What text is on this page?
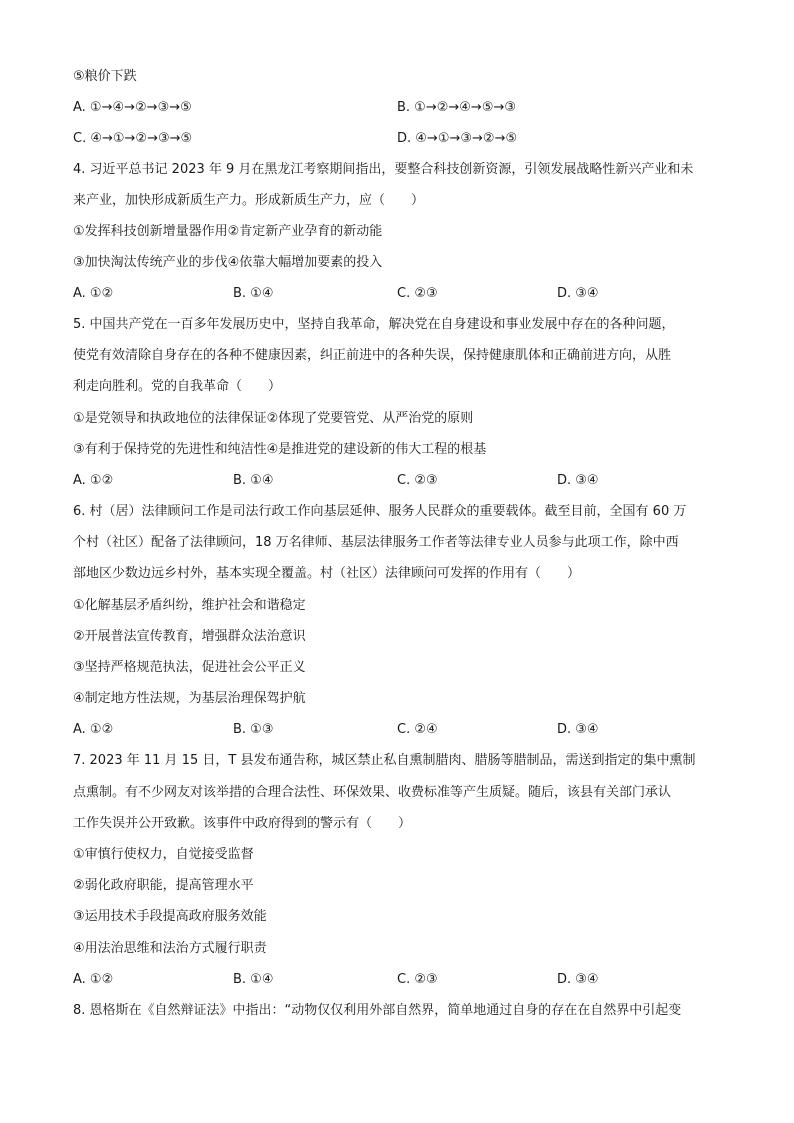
⑤粮价下跌
A. ①→④→②→③→⑤	B. ①→②→④→⑤→③
C. ④→①→②→③→⑤	D. ④→①→③→②→⑤
4. 习近平总书记 2023 年 9 月在黑龙江考察期间指出，要整合科技创新资源，引领发展战略性新兴产业和未
来产业，加快形成新质生产力。形成新质生产力，应（　　）
①发挥科技创新增量器作用②肯定新产业孕育的新动能
③加快淘汰传统产业的步伐④依靠大幅增加要素的投入
A. ①②	B. ①④	C. ②③	D. ③④
5. 中国共产党在一百多年发展历史中，坚持自我革命，解决党在自身建设和事业发展中存在的各种问题，
使党有效清除自身存在的各种不健康因素，纠正前进中的各种失误，保持健康肌体和正确前进方向，从胜
利走向胜利。党的自我革命（　　）
①是党领导和执政地位的法律保证②体现了党要管党、从严治党的原则
③有利于保持党的先进性和纯洁性④是推进党的建设新的伟大工程的根基
A. ①②	B. ①④	C. ②③	D. ③④
6. 村（居）法律顾问工作是司法行政工作向基层延伸、服务人民群众的重要载体。截至目前，全国有 60 万
个村（社区）配备了法律顾问，18 万名律师、基层法律服务工作者等法律专业人员参与此项工作，除中西
部地区少数边远乡村外，基本实现全覆盖。村（社区）法律顾问可发挥的作用有（　　）
①化解基层矛盾纠纷，维护社会和谐稳定
②开展普法宣传教育，增强群众法治意识
③坚持严格规范执法，促进社会公平正义
④制定地方性法规，为基层治理保驾护航
A. ①②	B. ①③	C. ②④	D. ③④
7. 2023 年 11 月 15 日，T 县发布通告称，城区禁止私自熏制腊肉、腊肠等腊制品，需送到指定的集中熏制
点熏制。有不少网友对该举措的合理合法性、环保效果、收费标准等产生质疑。随后，该县有关部门承认
工作失误并公开致歉。该事件中政府得到的警示有（　　）
①审慎行使权力，自觉接受监督
②弱化政府职能，提高管理水平
③运用技术手段提高政府服务效能
④用法治思维和法治方式履行职责
A. ①②	B. ①④	C. ②③	D. ③④
8. 恩格斯在《自然辩证法》中指出：“动物仅仅利用外部自然界，简单地通过自身的存在在自然界中引起变
